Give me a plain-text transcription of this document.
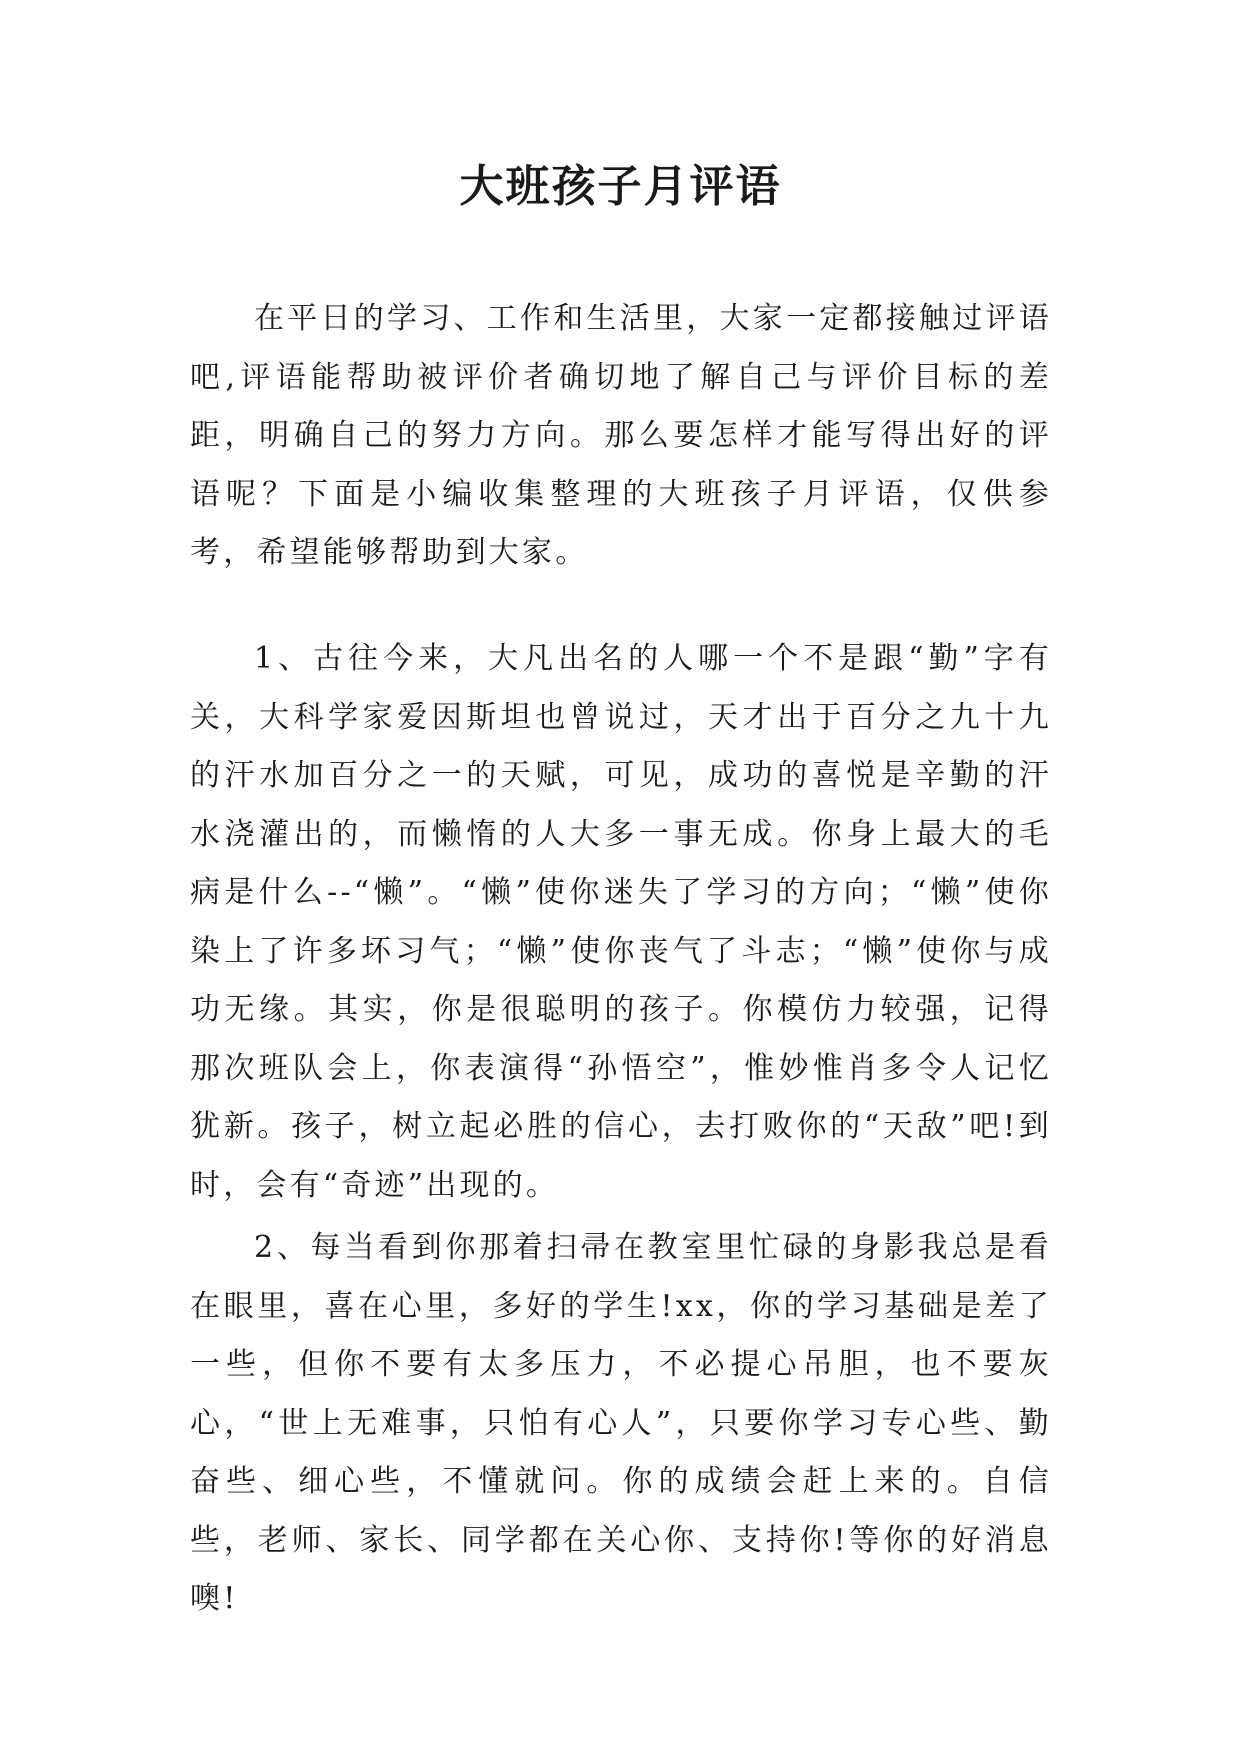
大班孩子月评语

在平日的学习、工作和生活里，大家一定都接触过评语吧,评语能帮助被评价者确切地了解自己与评价目标的差距，明确自己的努力方向。那么要怎样才能写得出好的评语呢？下面是小编收集整理的大班孩子月评语，仅供参考，希望能够帮助到大家。

1、古往今来，大凡出名的人哪一个不是跟“勤”字有关，大科学家爱因斯坦也曾说过，天才出于百分之九十九的汗水加百分之一的天赋，可见，成功的喜悦是辛勤的汗水浇灌出的，而懒惰的人大多一事无成。你身上最大的毛病是什么--“懒”。“懒”使你迷失了学习的方向；“懒”使你染上了许多坏习气；“懒”使你丧气了斗志；“懒”使你与成功无缘。其实，你是很聪明的孩子。你模仿力较强，记得那次班队会上，你表演得“孙悟空”，惟妙惟肖多令人记忆犹新。孩子，树立起必胜的信心，去打败你的“天敌”吧!到时，会有“奇迹”出现的。

2、每当看到你那着扫帚在教室里忙碌的身影我总是看在眼里，喜在心里，多好的学生!xx，你的学习基础是差了一些，但你不要有太多压力，不必提心吊胆，也不要灰心，“世上无难事，只怕有心人”，只要你学习专心些、勤奋些、细心些，不懂就问。你的成绩会赶上来的。自信些，老师、家长、同学都在关心你、支持你!等你的好消息噢!
